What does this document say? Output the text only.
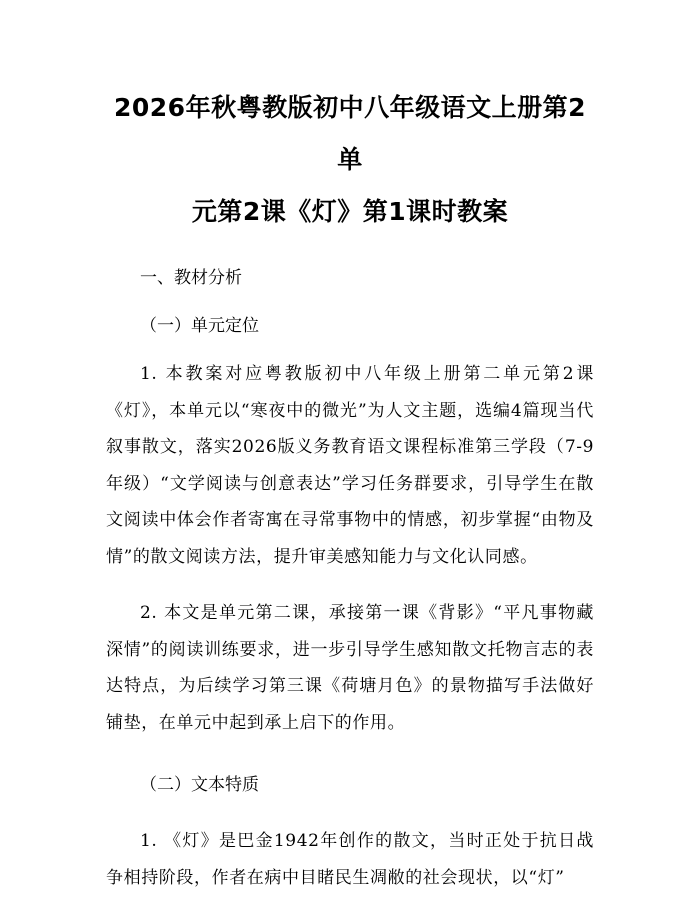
2026年秋粤教版初中八年级语文上册第2单
元第2课《灯》第1课时教案

一、教材分析

（一）单元定位

1. 本教案对应粤教版初中八年级上册第二单元第2课《灯》，本单元以“寒夜中的微光”为人文主题，选编4篇现当代叙事散文，落实2026版义务教育语文课程标准第三学段（7-9年级）“文学阅读与创意表达”学习任务群要求，引导学生在散文阅读中体会作者寄寓在寻常事物中的情感，初步掌握“由物及情”的散文阅读方法，提升审美感知能力与文化认同感。

2. 本文是单元第二课，承接第一课《背影》“平凡事物藏深情”的阅读训练要求，进一步引导学生感知散文托物言志的表达特点，为后续学习第三课《荷塘月色》的景物描写手法做好铺垫，在单元中起到承上启下的作用。

（二）文本特质

1. 《灯》是巴金1942年创作的散文，当时正处于抗日战争相持阶段，作者在病中目睹民生凋敝的社会现状，以“灯”
